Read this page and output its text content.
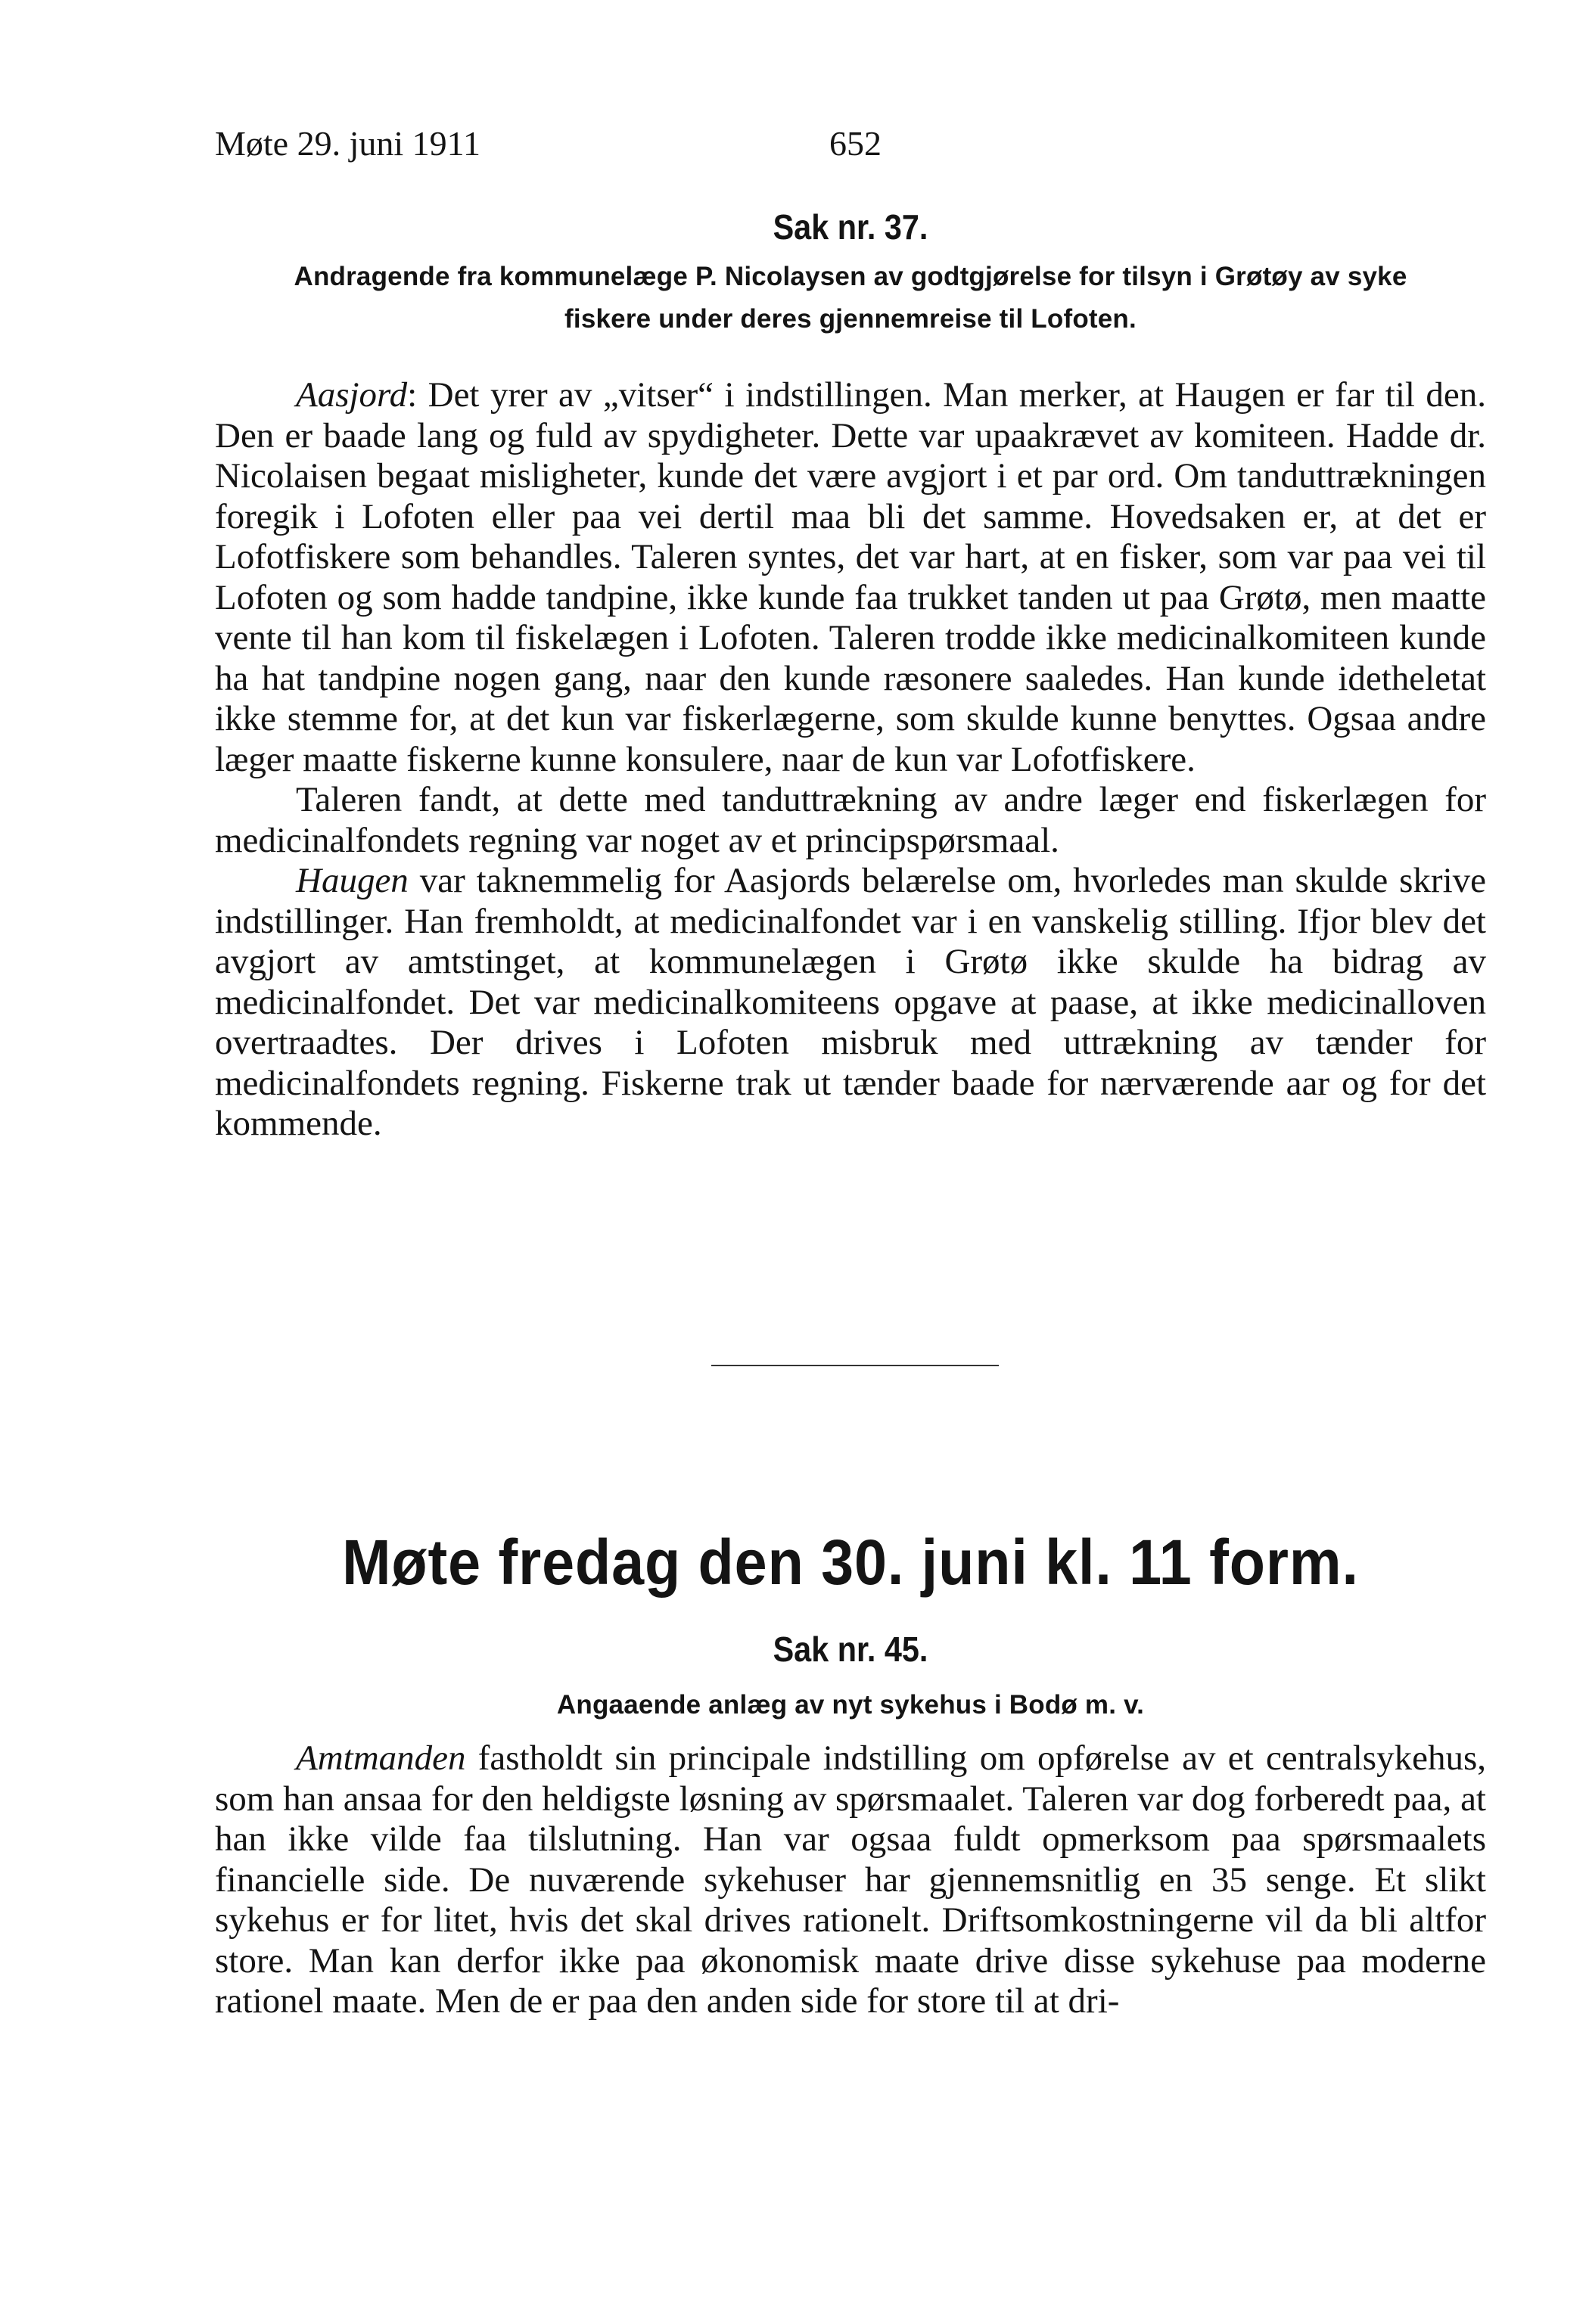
Møte 29. juni 1911	652
Sak nr. 37.
Andragende fra kommunelæge P. Nicolaysen av godtgjørelse for tilsyn i Grøtøy av syke
fiskere under deres gjennemreise til Lofoten.

Aasjord: Det yrer av „vitser“ i indstillingen. Man merker, at Haugen er far til den. Den er baade lang og fuld av spydigheter. Dette var upaakrævet av komiteen. Hadde dr. Nicolaisen begaat misligheter, kunde det være avgjort i et par ord. Om tanduttrækningen foregik i Lofoten eller paa vei dertil maa bli det samme. Hovedsaken er, at det er Lofotfiskere som behandles. Taleren syntes, det var hart, at en fisker, som var paa vei til Lofoten og som hadde tandpine, ikke kunde faa trukket tanden ut paa Grøtø, men maatte vente til han kom til fiskelægen i Lofoten. Taleren trodde ikke medicinalkomiteen kunde ha hat tandpine nogen gang, naar den kunde ræsonere saaledes. Han kunde idetheletat ikke stemme for, at det kun var fiskerlægerne, som skulde kunne benyttes. Ogsaa andre læger maatte fiskerne kunne konsulere, naar de kun var Lofotfiskere.

Taleren fandt, at dette med tanduttrækning av andre læger end fiskerlægen for medicinalfondets regning var noget av et principspørsmaal.

Haugen var taknemmelig for Aasjords belærelse om, hvorledes man skulde skrive indstillinger. Han fremholdt, at medicinalfondet var i en vanskelig stilling. Ifjor blev det avgjort av amtstinget, at kommunelægen i Grøtø ikke skulde ha bidrag av medicinalfondet. Det var medicinalkomiteens opgave at paase, at ikke medicinalloven overtraadtes. Der drives i Lofoten misbruk med uttrækning av tænder for medicinalfondets regning. Fiskerne trak ut tænder baade for nærværende aar og for det kommende.

Møte fredag den 30. juni kl. 11 form.
Sak nr. 45.
Angaaende anlæg av nyt sykehus i Bodø m. v.

Amtmanden fastholdt sin principale indstilling om opførelse av et centralsykehus, som han ansaa for den heldigste løsning av spørsmaalet. Taleren var dog forberedt paa, at han ikke vilde faa tilslutning. Han var ogsaa fuldt opmerksom paa spørsmaalets financielle side. De nuværende sykehuser har gjennemsnitlig en 35 senge. Et slikt sykehus er for litet, hvis det skal drives rationelt. Driftsomkostningerne vil da bli altfor store. Man kan derfor ikke paa økonomisk maate drive disse sykehuse paa moderne rationel maate. Men de er paa den anden side for store til at dri-
